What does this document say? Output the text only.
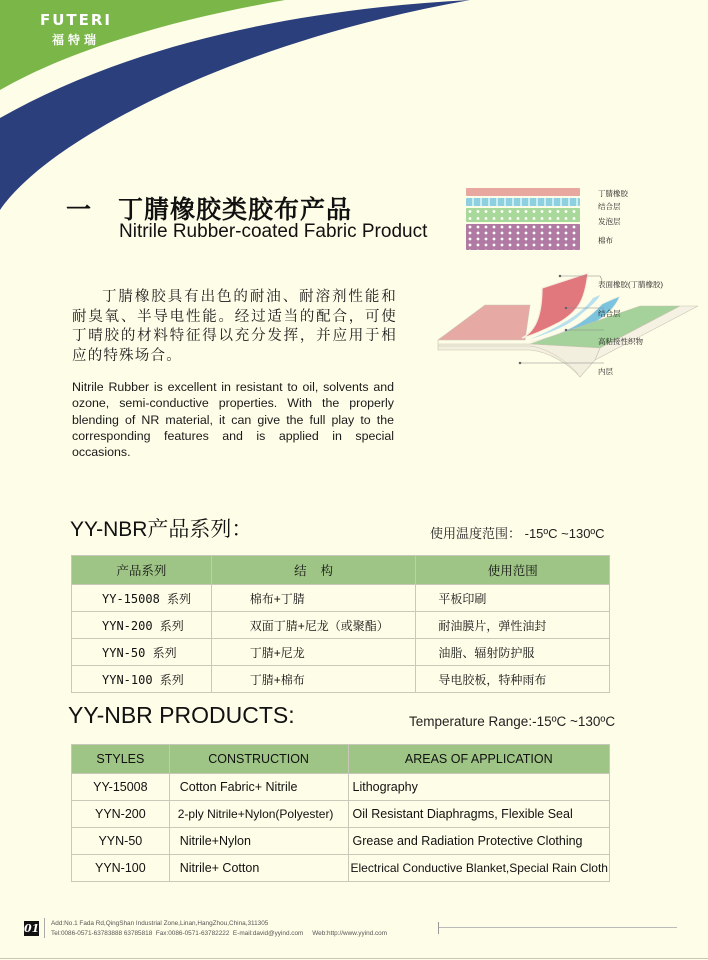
FUTERI
福特瑞
一 丁腈橡胶类胶布产品
Nitrile Rubber-coated Fabric Product
丁腈橡胶具有出色的耐油、耐溶剂性能和耐臭氧、半导电性能。经过适当的配合，可使丁晴胶的材料特征得以充分发挥，并应用于相应的特殊场合。
Nitrile Rubber is excellent in resistant to oil, solvents and ozone, semi-conductive properties. With the properly blending of NR material, it can give the full play to the corresponding features and is applied in special occasions.
丁腈橡胶
结合层
发泡层
棉布
表面橡胶(丁腈橡胶)
结合层
高粘接性织物
内层
YY-NBR产品系列：	使用温度范围： -15ºC ~130ºC
产品系列	结    构	使用范围
YY-15008 系列	棉布+丁腈	平板印刷
YYN-200 系列	双面丁腈+尼龙（或聚酯）	耐油膜片，弹性油封
YYN-50 系列	丁腈+尼龙	油脂、辐射防护服
YYN-100 系列	丁腈+棉布	导电胶板，特种雨布
YY-NBR PRODUCTS:	Temperature Range:-15ºC ~130ºC
STYLES	CONSTRUCTION	AREAS OF APPLICATION
YY-15008	Cotton Fabric+ Nitrile	Lithography
YYN-200	2-ply Nitrile+Nylon(Polyester)	Oil Resistant Diaphragms, Flexible Seal
YYN-50	Nitrile+Nylon	Grease and Radiation Protective Clothing
YYN-100	Nitrile+ Cotton	Electrical Conductive Blanket,Special Rain Cloth
01 Add:No.1 Fada Rd,QingShan Industrial Zone,Linan,HangZhou,China,311305
Tel:0086-0571-63783888 63785818  Fax:0086-0571-63782222  E-mail:david@yyind.com     Web:http://www.yyind.com
